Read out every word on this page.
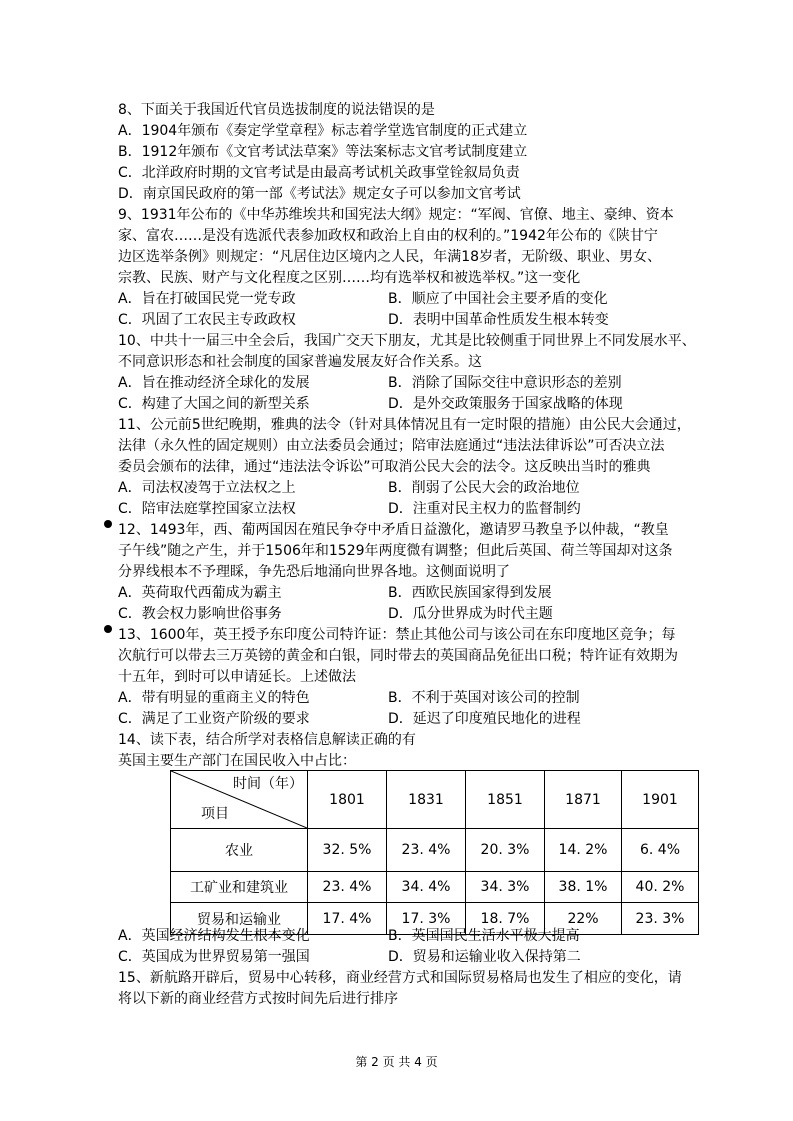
8、下面关于我国近代官员选拔制度的说法错误的是
A．1904年颁布《奏定学堂章程》标志着学堂选官制度的正式建立
B．1912年颁布《文官考试法草案》等法案标志文官考试制度建立
C．北洋政府时期的文官考试是由最高考试机关政事堂铨叙局负责
D．南京国民政府的第一部《考试法》规定女子可以参加文官考试
9、1931年公布的《中华苏维埃共和国宪法大纲》规定：“军阀、官僚、地主、豪绅、资本
家、富农……是没有选派代表参加政权和政治上自由的权利的。”1942年公布的《陕甘宁
边区选举条例》则规定：“凡居住边区境内之人民，年满18岁者，无阶级、职业、男女、
宗教、民族、财产与文化程度之区别……均有选举权和被选举权。”这一变化
A．旨在打破国民党一党专政	B．顺应了中国社会主要矛盾的变化
C．巩固了工农民主专政政权	D．表明中国革命性质发生根本转变
10、中共十一届三中全会后，我国广交天下朋友，尤其是比较侧重于同世界上不同发展水平、
不同意识形态和社会制度的国家普遍发展友好合作关系。这
A．旨在推动经济全球化的发展	B．消除了国际交往中意识形态的差别
C．构建了大国之间的新型关系	D．是外交政策服务于国家战略的体现
11、公元前5世纪晚期，雅典的法令（针对具体情况且有一定时限的措施）由公民大会通过，
法律（永久性的固定规则）由立法委员会通过；陪审法庭通过“违法法律诉讼”可否决立法
委员会颁布的法律，通过“违法法令诉讼”可取消公民大会的法令。这反映出当时的雅典
A．司法权凌驾于立法权之上	B．削弱了公民大会的政治地位
C．陪审法庭掌控国家立法权	D．注重对民主权力的监督制约
12、1493年，西、葡两国因在殖民争夺中矛盾日益激化，邀请罗马教皇予以仲裁，“教皇
子午线”随之产生，并于1506年和1529年两度微有调整；但此后英国、荷兰等国却对这条
分界线根本不予理睬，争先恐后地涌向世界各地。这侧面说明了
A．英荷取代西葡成为霸主	B．西欧民族国家得到发展
C．教会权力影响世俗事务	D．瓜分世界成为时代主题
13、1600年，英王授予东印度公司特许证：禁止其他公司与该公司在东印度地区竞争；每
次航行可以带去三万英镑的黄金和白银，同时带去的英国商品免征出口税；特许证有效期为
十五年，到时可以申请延长。上述做法
A．带有明显的重商主义的特色	B．不利于英国对该公司的控制
C．满足了工业资产阶级的要求	D．延迟了印度殖民地化的进程
14、读下表，结合所学对表格信息解读正确的有
英国主要生产部门在国民收入中占比：
时间（年）
项目	1801	1831	1851	1871	1901
农业	32. 5%	23. 4%	20. 3%	14. 2%	6. 4%
工矿业和建筑业	23. 4%	34. 4%	34. 3%	38. 1%	40. 2%
贸易和运输业	17. 4%	17. 3%	18. 7%	22%	23. 3%
A．英国经济结构发生根本变化	B．英国国民生活水平极大提高
C．英国成为世界贸易第一强国	D．贸易和运输业收入保持第二
15、新航路开辟后，贸易中心转移，商业经营方式和国际贸易格局也发生了相应的变化，请
将以下新的商业经营方式按时间先后进行排序
第 2 页 共 4 页
